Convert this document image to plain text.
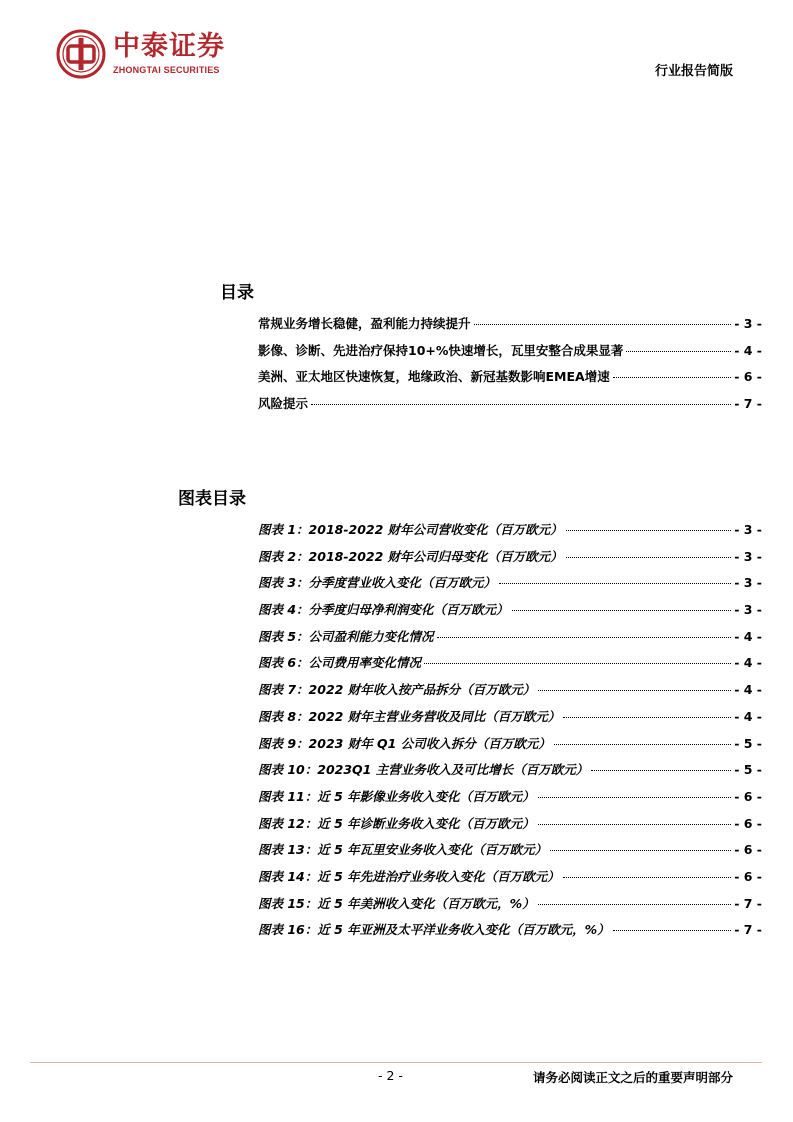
中泰证券
ZHONGTAI SECURITIES	行业报告简版
目录
常规业务增长稳健，盈利能力持续提升	- 3 -
影像、诊断、先进治疗保持10+%快速增长，瓦里安整合成果显著	- 4 -
美洲、亚太地区快速恢复，地缘政治、新冠基数影响EMEA增速	- 6 -
风险提示	- 7 -
图表目录
图表 1：2018-2022 财年公司营收变化（百万欧元）	- 3 -
图表 2：2018-2022 财年公司归母变化（百万欧元）	- 3 -
图表 3：分季度营业收入变化（百万欧元）	- 3 -
图表 4：分季度归母净利润变化（百万欧元）	- 3 -
图表 5：公司盈利能力变化情况	- 4 -
图表 6：公司费用率变化情况	- 4 -
图表 7：2022 财年收入按产品拆分（百万欧元）	- 4 -
图表 8：2022 财年主营业务营收及同比（百万欧元）	- 4 -
图表 9：2023 财年 Q1 公司收入拆分（百万欧元）	- 5 -
图表 10：2023Q1 主营业务收入及可比增长（百万欧元）	- 5 -
图表 11：近 5 年影像业务收入变化（百万欧元）	- 6 -
图表 12：近 5 年诊断业务收入变化（百万欧元）	- 6 -
图表 13：近 5 年瓦里安业务收入变化（百万欧元）	- 6 -
图表 14：近 5 年先进治疗业务收入变化（百万欧元）	- 6 -
图表 15：近 5 年美洲收入变化（百万欧元，%）	- 7 -
图表 16：近 5 年亚洲及太平洋业务收入变化（百万欧元，%）	- 7 -
- 2 -	请务必阅读正文之后的重要声明部分
